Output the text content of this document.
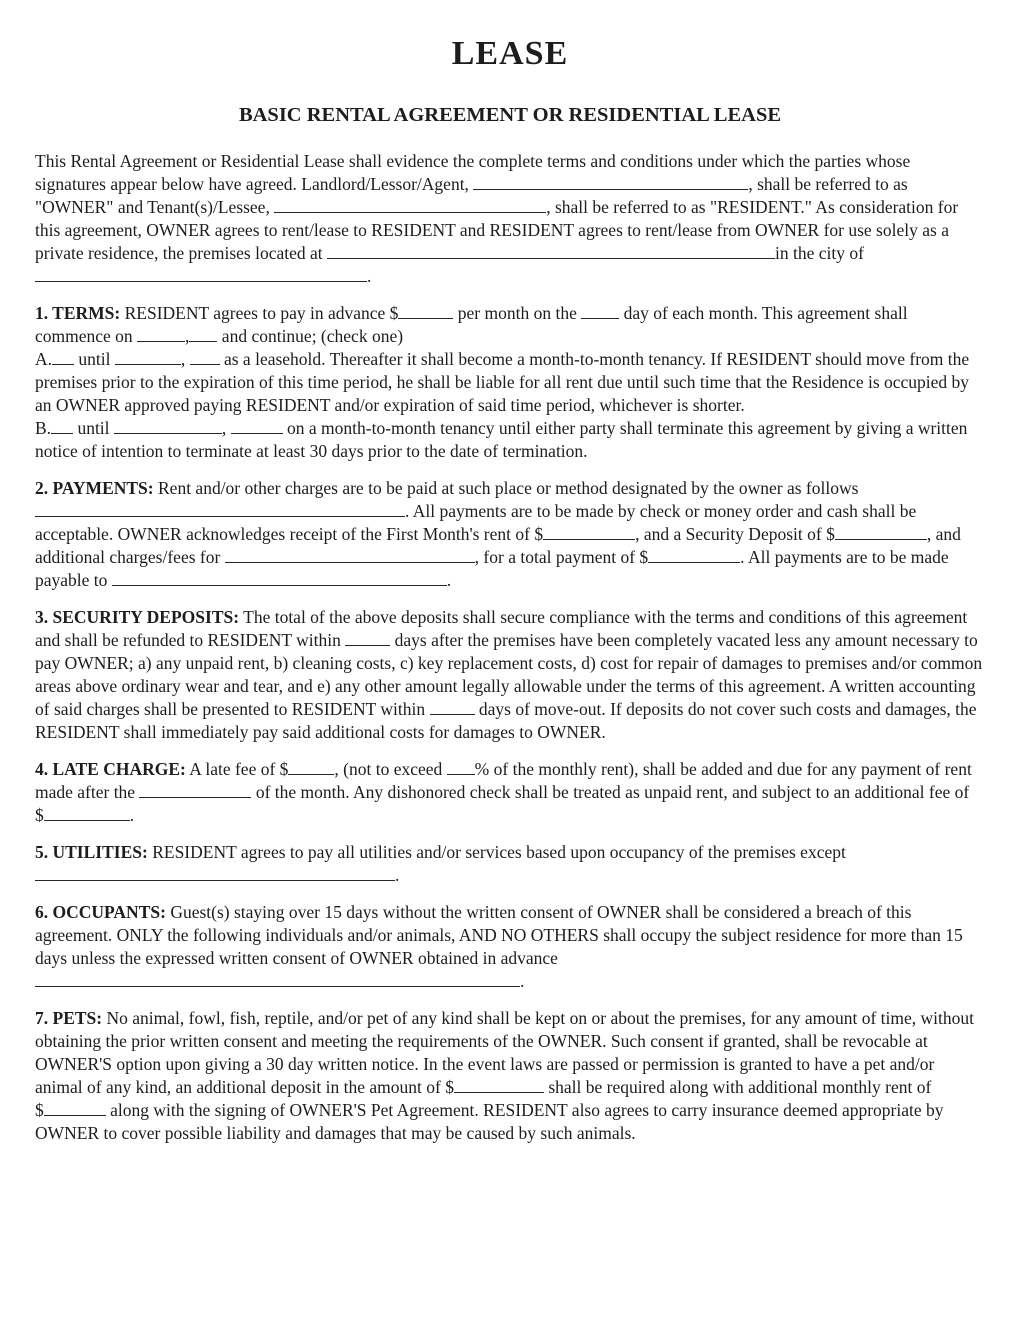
LEASE
BASIC RENTAL AGREEMENT OR RESIDENTIAL LEASE

This Rental Agreement or Residential Lease shall evidence the complete terms and conditions under which the parties whose signatures appear below have agreed. Landlord/Lessor/Agent,	, shall be referred to as "OWNER" and Tenant(s)/Lessee,	, shall be referred to as "RESIDENT." As consideration for this agreement, OWNER agrees to rent/lease to RESIDENT and RESIDENT agrees to rent/lease from OWNER for use solely as a private residence, the premises located at	in the city of .

1. TERMS: RESIDENT agrees to pay in advance $	per month on the  day of each month. This agreement shall commence on	, and continue; (check one)

A. until	,  as a leasehold. Thereafter it shall become a month-to-month tenancy. If RESIDENT should move from the premises prior to the expiration of this time period, he shall be liable for all rent due until such time that the Residence is occupied by an OWNER approved paying RESIDENT and/or expiration of said time period, whichever is shorter.

B. until	,	on a month-to-month tenancy until either party shall terminate this agreement by giving a written notice of intention to terminate at least 30 days prior to the date of termination.

2. PAYMENTS: Rent and/or other charges are to be paid at such place or method designated by the owner as follows . All payments are to be made by check or money order and cash shall be acceptable. OWNER acknowledges receipt of the First Month's rent of $	, and a Security Deposit of $	, and additional charges/fees for	, for a total payment of $	. All payments are to be made payable to	.

3. SECURITY DEPOSITS: The total of the above deposits shall secure compliance with the terms and conditions of this agreement and shall be refunded to RESIDENT within	days after the premises have been completely vacated less any amount necessary to pay OWNER; a) any unpaid rent, b) cleaning costs, c) key replacement costs, d) cost for repair of damages to premises and/or common areas above ordinary wear and tear, and e) any other amount legally allowable under the terms of this agreement. A written accounting of said charges shall be presented to RESIDENT within	days of move-out. If deposits do not cover such costs and damages, the RESIDENT shall immediately pay said additional costs for damages to OWNER.

4. LATE CHARGE: A late fee of $	, (not to exceed % of the monthly rent), shall be added and due for any payment of rent made after the	of the month. Any dishonored check shall be treated as unpaid rent, and subject to an additional fee of $	.

5. UTILITIES: RESIDENT agrees to pay all utilities and/or services based upon occupancy of the premises except .

6. OCCUPANTS: Guest(s) staying over 15 days without the written consent of OWNER shall be considered a breach of this agreement. ONLY the following individuals and/or animals, AND NO OTHERS shall occupy the subject residence for more than 15 days unless the expressed written consent of OWNER obtained in advance .

7. PETS: No animal, fowl, fish, reptile, and/or pet of any kind shall be kept on or about the premises, for any amount of time, without obtaining the prior written consent and meeting the requirements of the OWNER. Such consent if granted, shall be revocable at OWNER'S option upon giving a 30 day written notice. In the event laws are passed or permission is granted to have a pet and/or animal of any kind, an additional deposit in the amount of $	shall be required along with additional monthly rent of $	along with the signing of OWNER'S Pet Agreement. RESIDENT also agrees to carry insurance deemed appropriate by OWNER to cover possible liability and damages that may be caused by such animals.
